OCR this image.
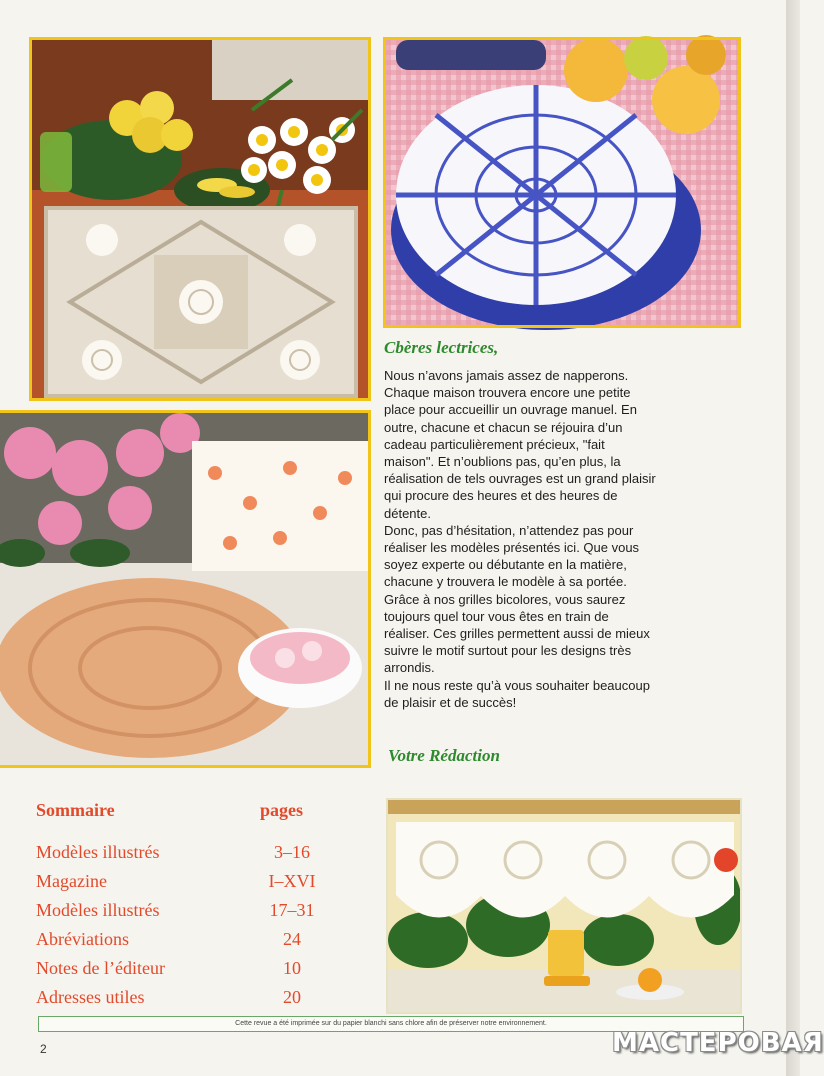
Cbères lectrices,

Nous n’avons jamais assez de napperons.

Chaque maison trouvera encore une petite

place pour accueillir un ouvrage manuel. En

outre, chacune et chacun se réjouira d’un

cadeau particulièrement précieux, "fait

maison". Et n’oublions pas, qu’en plus, la

réalisation de tels ouvrages est un grand plaisir

qui procure des heures et des heures de

détente.

Donc, pas d’hésitation, n’attendez pas pour

réaliser les modèles présentés ici. Que vous

soyez experte ou débutante en la matière,

chacune y trouvera le modèle à sa portée.

Grâce à nos grilles bicolores, vous saurez

toujours quel tour vous êtes en train de

réaliser. Ces grilles permettent aussi de mieux

suivre le motif surtout pour les designs très

arrondis.

Il ne nous reste qu’à vous souhaiter beaucoup

de plaisir et de succès!

Votre Rédaction
Sommaire	pages
Modèles illustrés	3–16
Magazine	I–XVI
Modèles illustrés	17–31
Abréviations	24
Notes de l’éditeur	10
Adresses utiles	20
Cette revue a été imprimée sur du papier blanchi sans chlore afin de préserver notre environnement.
2	МАСТЕРОВАЯ
